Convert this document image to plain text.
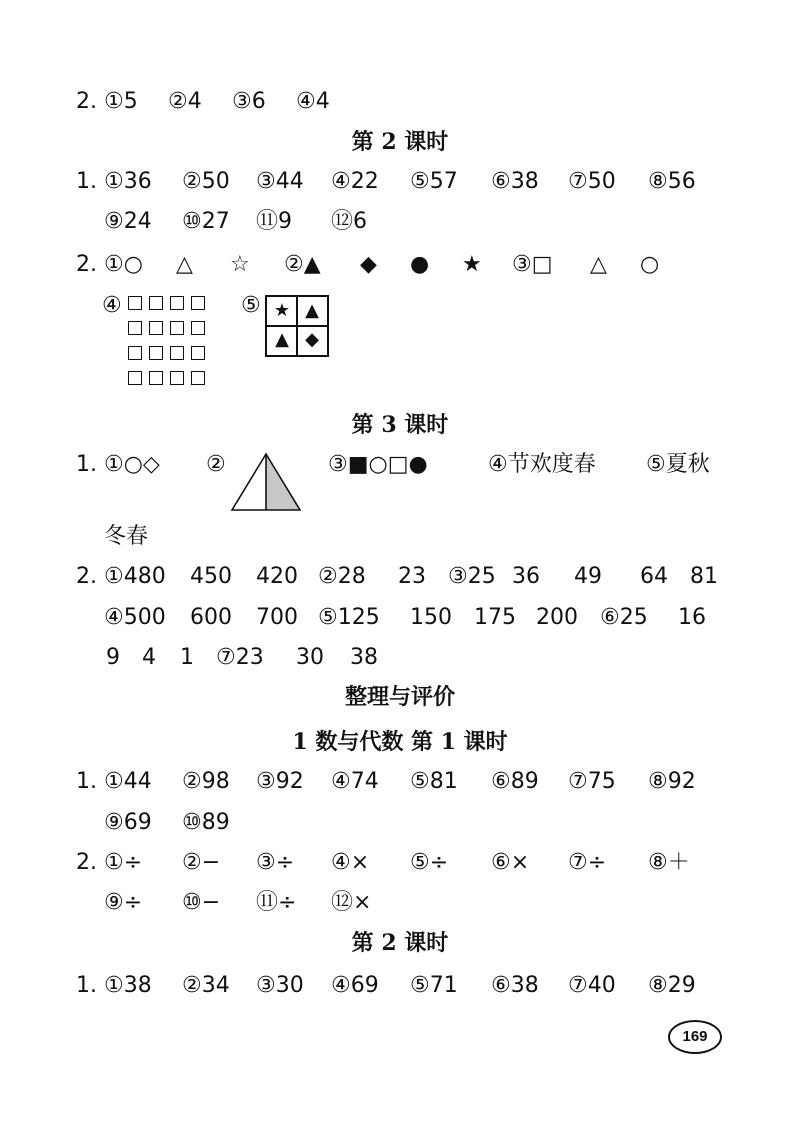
④	⑤ ★ ▲
▲ ◆
169
2. ①5 ②4 ③6 ④4
第 2 课时
1. ①36 ②50 ③44 ④22 ⑤57 ⑥38 ⑦50 ⑧56
⑨24 ⑩27 ⑪9 ⑫6
2. ①○ △ ☆ ②▲ ◆ ● ★ ③□ △ ○
第 3 课时
1. ①○◇ ②	③■○□●	④节欢度春 ⑤夏秋
冬春
2. ①480 450 420 ②28 23 ③25 36 49 64 81
④500 600 700 ⑤125 150 175 200 ⑥25 16
9 4 1 ⑦23 30 38
整理与评价
1 数与代数 第 1 课时
1. ①44 ②98 ③92 ④74 ⑤81 ⑥89 ⑦75 ⑧92
⑨69 ⑩89
2. ①÷ ②− ③÷ ④× ⑤÷ ⑥× ⑦÷ ⑧＋
⑨÷ ⑩− ⑪÷ ⑫×
第 2 课时
1. ①38 ②34 ③30 ④69 ⑤71 ⑥38 ⑦40 ⑧29
